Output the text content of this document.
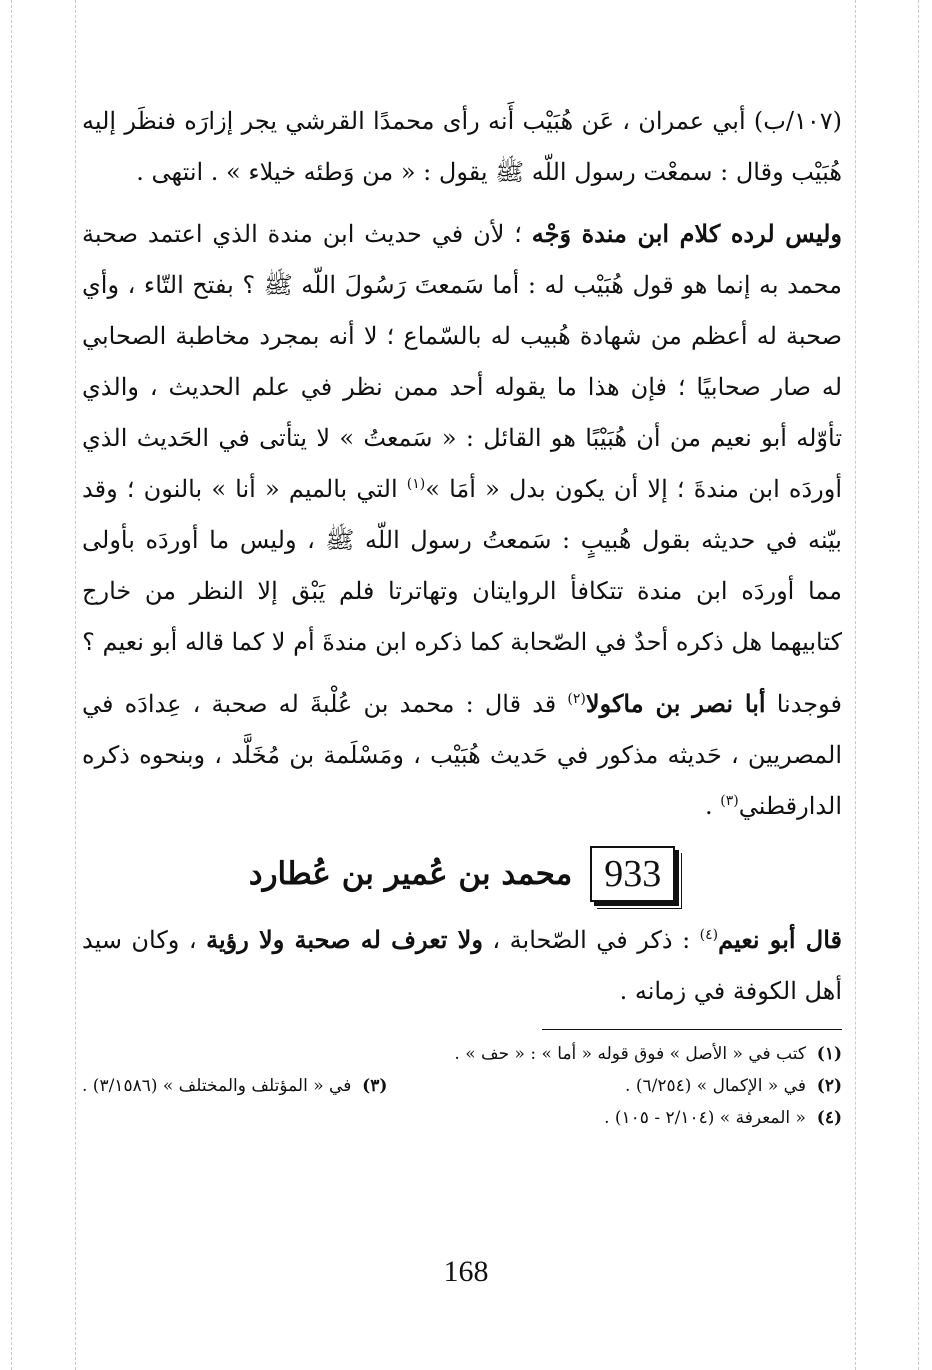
(١٠٧/ب) أبي عمران ، عَن هُبَيْب أَنه رأى محمدًا القرشي يجر إزارَه فنظَر إليه هُبَيْب وقال : سمعْت رسول اللّه ﷺ يقول : « من وَطئه خيلاء » . انتهى .

وليس لرده كلام ابن مندة وَجْه ؛ لأن في حديث ابن مندة الذي اعتمد صحبة محمد به إنما هو قول هُبَيْب له : أما سَمعتَ رَسُولَ اللّه ﷺ ؟ بفتح التّاء ، وأي صحبة له أعظم من شهادة هُبيب له بالسّماع ؛ لا أنه بمجرد مخاطبة الصحابي له صار صحابيًا ؛ فإن هذا ما يقوله أحد ممن نظر في علم الحديث ، والذي تأوّله أبو نعيم من أن هُبَيْبًا هو القائل : « سَمعتُ » لا يتأتى في الحَديث الذي أوردَه ابن مندةَ ؛ إلا أن يكون بدل « أمَا »$^{(١)}$ التي بالميم « أنا » بالنون ؛ وقد بيّنه في حديثه بقول هُبيبٍ : سَمعتُ رسول اللّه ﷺ ، وليس ما أوردَه بأولى مما أوردَه ابن مندة تتكافأ الروايتان وتهاترتا فلم يَبْق إلا النظر من خارج كتابيهما هل ذكره أحدٌ في الصّحابة كما ذكره ابن مندةَ أم لا كما قاله أبو نعيم ؟

فوجدنا أبا نصر بن ماكولا$^{(٢)}$ قد قال : محمد بن عُلْبةَ له صحبة ، عِدادَه في المصريين ، حَديثه مذكور في حَديث هُبَيْب ، ومَسْلَمة بن مُخَلَّد ، وبنحوه ذكره الدارقطني$^{(٣)}$ .

933
محمد بن عُمير بن عُطارد

قال أبو نعيم$^{(٤)}$ : ذكر في الصّحابة ، ولا تعرف له صحبة ولا رؤية ، وكان سيد أهل الكوفة في زمانه .

(١)  كتب في « الأصل » فوق قوله « أما » : « حف » .

(٢)  في « الإكمال » (٦/٢٥٤) .
(٣)  في « المؤتلف والمختلف » (٣/١٥٨٦) .

(٤)  « المعرفة » (٢/١٠٤ - ١٠٥) .

168
